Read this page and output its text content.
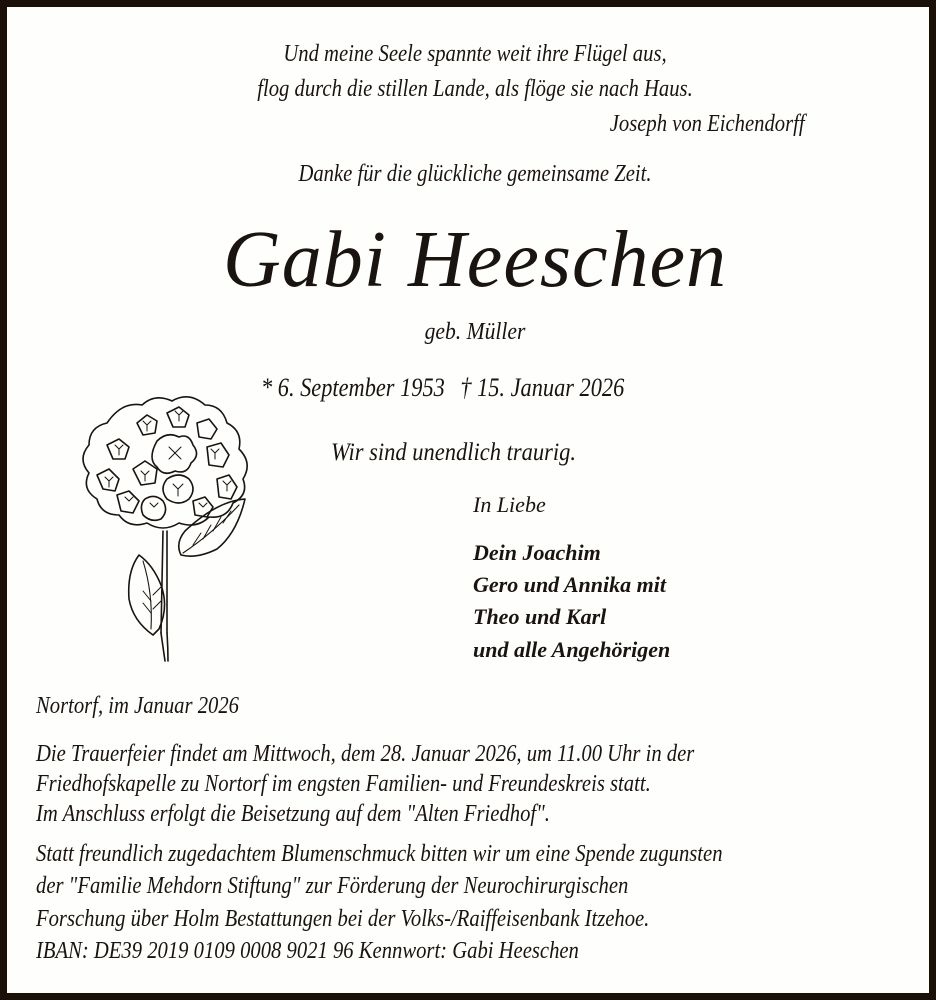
Und meine Seele spannte weit ihre Flügel aus,
flog durch die stillen Lande, als flöge sie nach Haus.
Joseph von Eichendorff
Danke für die glückliche gemeinsame Zeit.
Gabi Heeschen
geb. Müller
* 6. September 1953 † 15. Januar 2026
Wir sind unendlich traurig.
In Liebe
Dein Joachim
Gero und Annika mit
Theo und Karl
und alle Angehörigen
Nortorf, im Januar 2026
Die Trauerfeier findet am Mittwoch, dem 28. Januar 2026, um 11.00 Uhr in der
Friedhofskapelle zu Nortorf im engsten Familien- und Freundeskreis statt.
Im Anschluss erfolgt die Beisetzung auf dem "Alten Friedhof".
Statt freundlich zugedachtem Blumenschmuck bitten wir um eine Spende zugunsten
der "Familie Mehdorn Stiftung" zur Förderung der Neurochirurgischen
Forschung über Holm Bestattungen bei der Volks-/Raiffeisenbank Itzehoe.
IBAN: DE39 2019 0109 0008 9021 96 Kennwort: Gabi Heeschen
